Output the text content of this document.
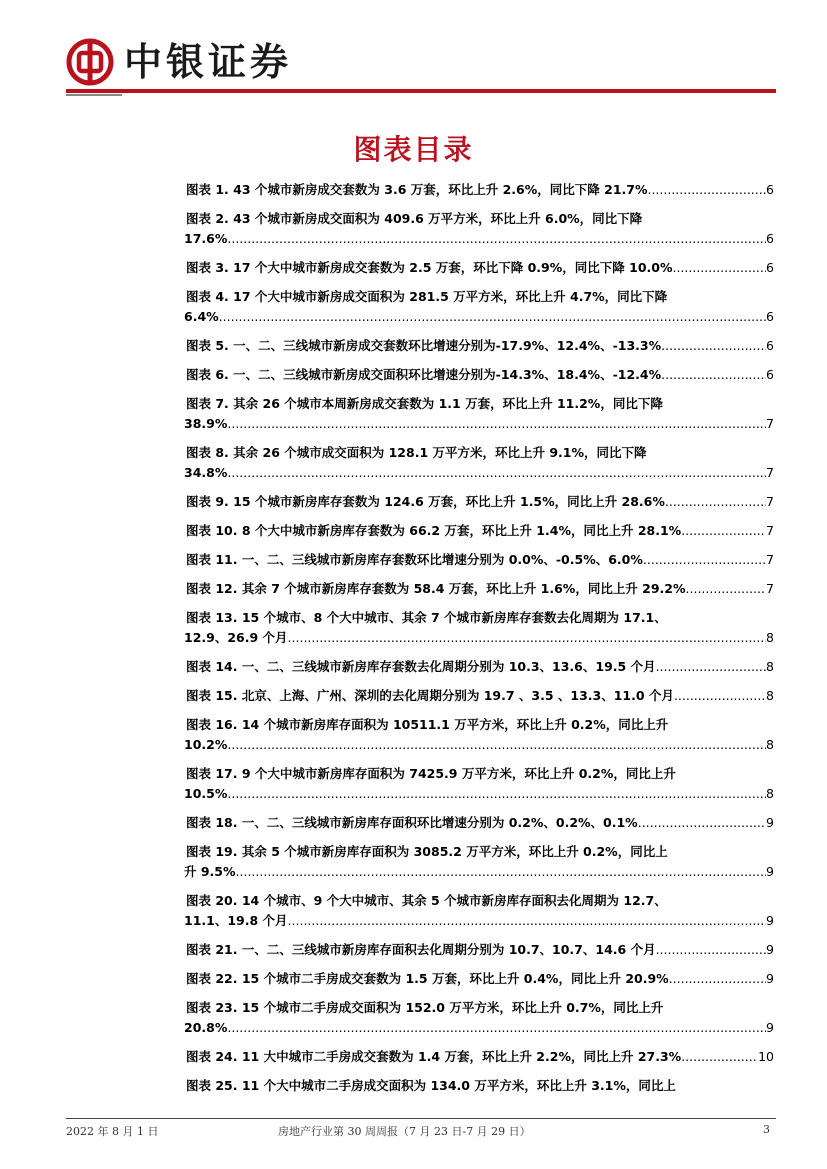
中银证券
图表目录
图表 1. 43 个城市新房成交套数为 3.6 万套，环比上升 2.6%，同比下降 21.7% .....	6
图表 2. 43 个城市新房成交面积为 409.6 万平方米，环比上升 6.0%，同比下降
17.6% .....	6
图表 3. 17 个大中城市新房成交套数为 2.5 万套，环比下降 0.9%，同比下降 10.0% .....	6
图表 4. 17 个大中城市新房成交面积为 281.5 万平方米，环比上升 4.7%，同比下降
6.4% .....	6
图表 5. 一、二、三线城市新房成交套数环比增速分别为-17.9%、12.4%、-13.3% .....	6
图表 6. 一、二、三线城市新房成交面积环比增速分别为-14.3%、18.4%、-12.4% .....	6
图表 7. 其余 26 个城市本周新房成交套数为 1.1 万套，环比上升 11.2%，同比下降
38.9% .....	7
图表 8. 其余 26 个城市成交面积为 128.1 万平方米，环比上升 9.1%，同比下降
34.8% .....	7
图表 9. 15 个城市新房库存套数为 124.6 万套，环比上升 1.5%，同比上升 28.6% .....	7
图表 10. 8 个大中城市新房库存套数为 66.2 万套，环比上升 1.4%，同比上升 28.1% .....	7
图表 11. 一、二、三线城市新房库存套数环比增速分别为 0.0%、-0.5%、6.0% .....	7
图表 12. 其余 7 个城市新房库存套数为 58.4 万套，环比上升 1.6%，同比上升 29.2% .....	7
图表 13. 15 个城市、8 个大中城市、其余 7 个城市新房库存套数去化周期为 17.1、
12.9、26.9 个月 .....	8
图表 14. 一、二、三线城市新房库存套数去化周期分别为 10.3、13.6、19.5 个月 .....	8
图表 15. 北京、上海、广州、深圳的去化周期分别为 19.7 、3.5 、13.3、11.0 个月 .....	8
图表 16. 14 个城市新房库存面积为 10511.1 万平方米，环比上升 0.2%，同比上升
10.2% .....	8
图表 17. 9 个大中城市新房库存面积为 7425.9 万平方米，环比上升 0.2%，同比上升
10.5% .....	8
图表 18. 一、二、三线城市新房库存面积环比增速分别为 0.2%、0.2%、0.1% .....	9
图表 19. 其余 5 个城市新房库存面积为 3085.2 万平方米，环比上升 0.2%，同比上
升 9.5% .....	9
图表 20. 14 个城市、9 个大中城市、其余 5 个城市新房库存面积去化周期为 12.7、
11.1、19.8 个月 .....	9
图表 21. 一、二、三线城市新房库存面积去化周期分别为 10.7、10.7、14.6 个月 .....	9
图表 22. 15 个城市二手房成交套数为 1.5 万套，环比上升 0.4%，同比上升 20.9% .....	9
图表 23. 15 个城市二手房成交面积为 152.0 万平方米，环比上升 0.7%，同比上升
20.8% .....	9
图表 24. 11 大中城市二手房成交套数为 1.4 万套，环比上升 2.2%，同比上升 27.3% .....	10
图表 25. 11 个大中城市二手房成交面积为 134.0 万平方米，环比上升 3.1%，同比上
2022 年 8 月 1 日	房地产行业第 30 周周报（7 月 23 日-7 月 29 日）	3
